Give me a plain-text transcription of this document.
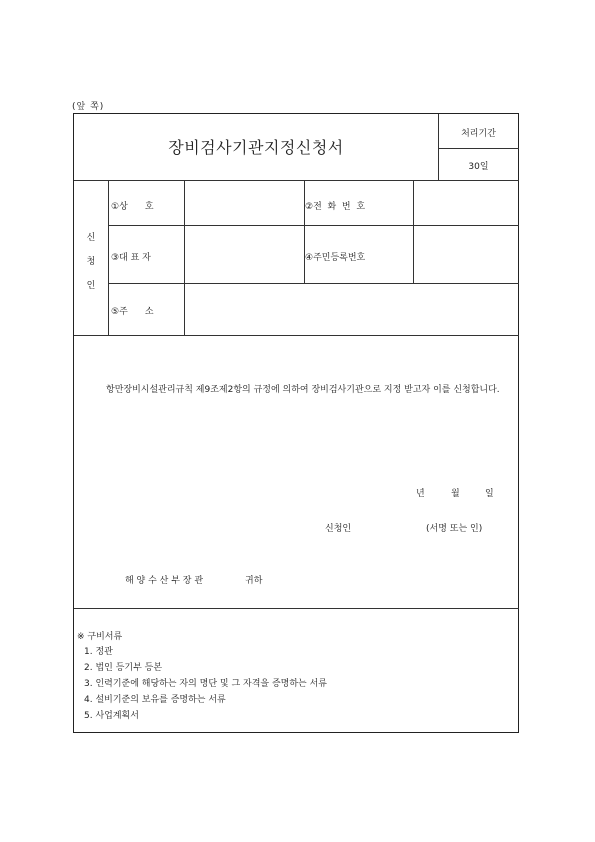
(앞 쪽)
장비검사기관지정신청서
처리기간
30일
신
청
인
①상      호	②전  화  번  호
③대 표 자	④주민등록번호
⑤주      소
항만장비시설관리규칙 제9조제2항의 규정에 의하여 장비검사기관으로 지정 받고자 이를 신청합니다.
년	월	일
신청인	(서명 또는 인)
해 양 수 산 부 장 관	귀하
※ 구비서류
1. 정관
2. 법인 등기부 등본
3. 인력기준에 해당하는 자의 명단 및 그 자격을 증명하는 서류
4. 설비기준의 보유를 증명하는 서류
5. 사업계획서
